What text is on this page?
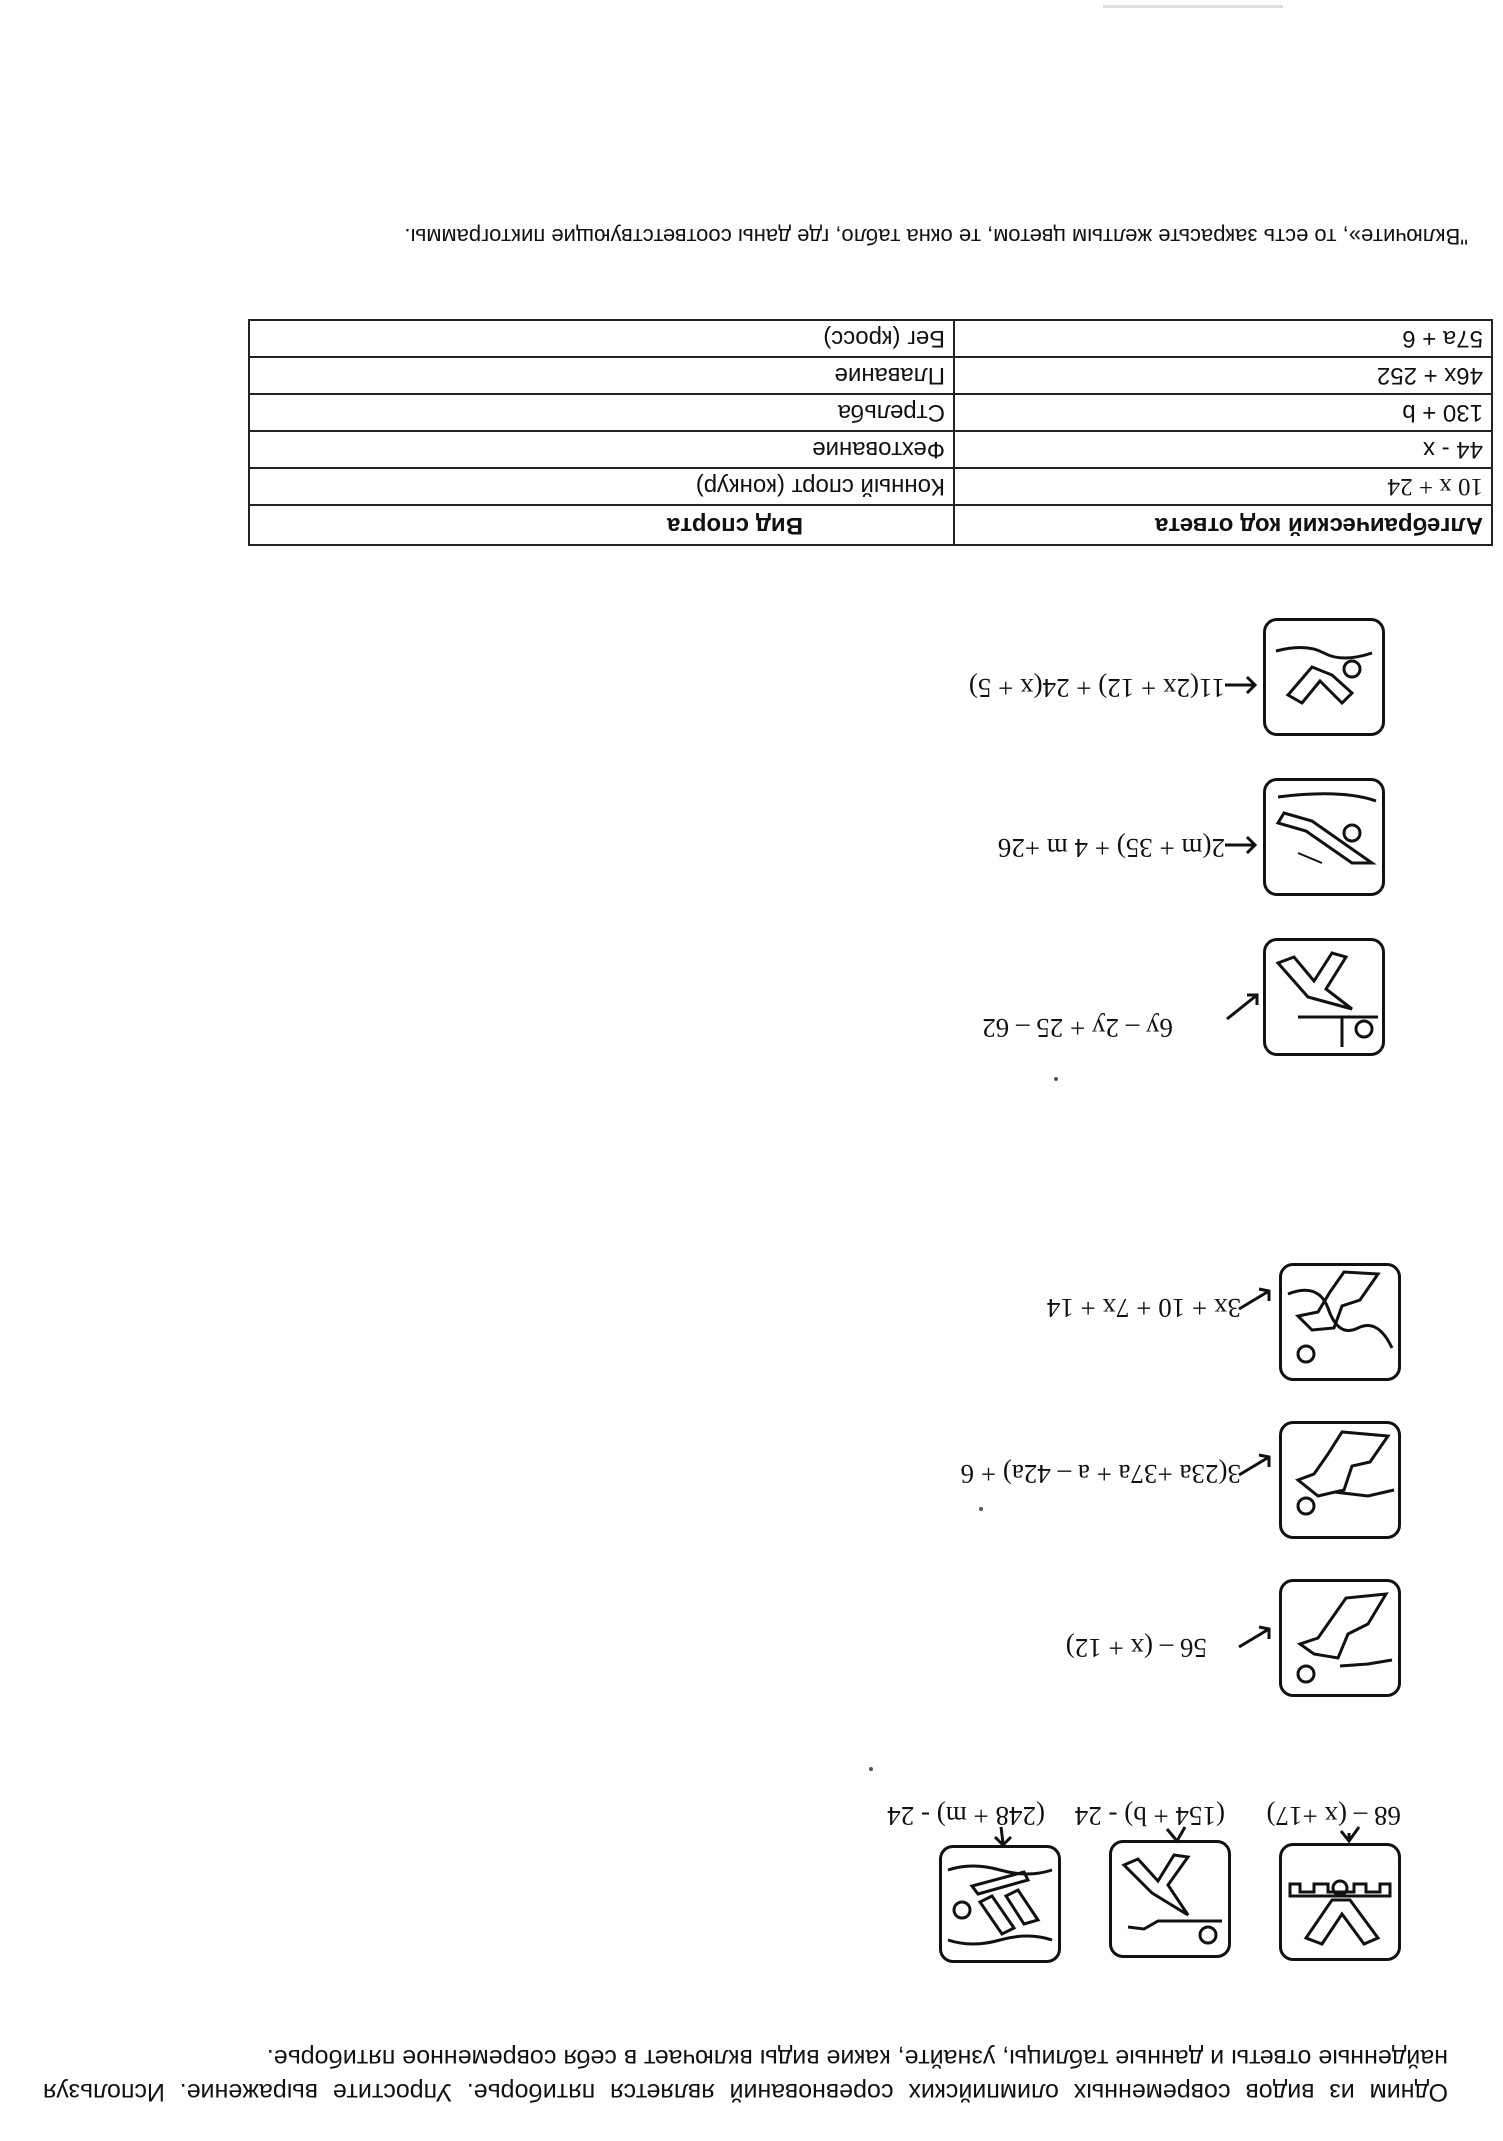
Одним из видов современных олимпийских соревнований является пятиборье. Упростите выражение. Используя найденные ответы и данные таблицы, узнайте, какие виды включает в себя современное пятиборье.
68 – (x +17)
(154 + b) - 24
(248 + m) - 24
56 – (x + 12)
3(23a +37a + a – 42a) + 6
3x + 10 + 7x + 14
6y – 2y + 25 – 62
2(m + 35) + 4 m +26
11(2x + 12) + 24(x + 5)
Алгебраический код ответа	Вид спорта
10 x + 24	Конный спорт (конкур)
44 - x	Фехтование
130 + b	Стрельба
46x + 252	Плавание
57a + 6	Бег (кросс)
"Включите», то есть закрасьте желтым цветом, те окна табло, где даны соответствующие пиктограммы.
